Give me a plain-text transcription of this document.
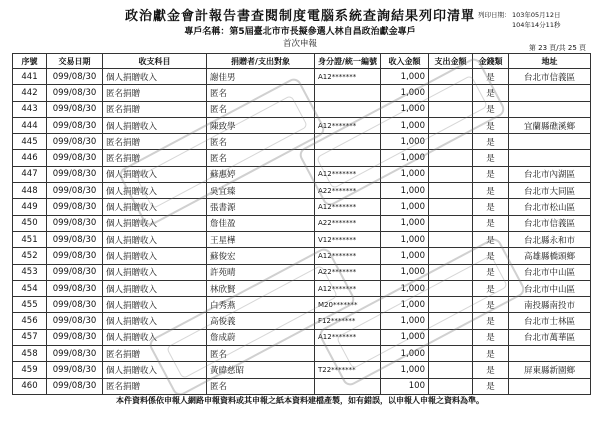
政治獻金會計報告書查閱制度電腦系統查詢結果列印清單
專戶名稱：第5屆臺北市市長擬參選人林自昌政治獻金專戶
首次申報
列印日期： 103年05月12日
104年14分11秒
第 23 頁/共 25 頁
序號	交易日期	收支科目	捐贈者/支出對象	身分證/統一編號	收入金額	支出金額	金錢類	地址
441	099/08/30	個人捐贈收入	謝佳男	A12*******	1,000		是	台北市信義區
442	099/08/30	匿名捐贈	匿名		1,000		是	
443	099/08/30	匿名捐贈	匿名		1,000		是	
444	099/08/30	個人捐贈收入	陳致學	A12*******	1,000		是	宜蘭縣礁溪鄉
445	099/08/30	匿名捐贈	匿名		1,000		是	
446	099/08/30	匿名捐贈	匿名		1,000		是	
447	099/08/30	個人捐贈收入	蘇惠婷	A12*******	1,000		是	台北市內湖區
448	099/08/30	個人捐贈收入	吳宜臻	A22*******	1,000		是	台北市大同區
449	099/08/30	個人捐贈收入	張書源	A12*******	1,000		是	台北市松山區
450	099/08/30	個人捐贈收入	詹佳盈	A22*******	1,000		是	台北市信義區
451	099/08/30	個人捐贈收入	王星樺	V12*******	1,000		是	台北縣永和市
452	099/08/30	個人捐贈收入	蘇俊宏	A12*******	1,000		是	高雄縣橋頭鄉
453	099/08/30	個人捐贈收入	許苑晴	A22*******	1,000		是	台北市中山區
454	099/08/30	個人捐贈收入	林欣賢	A12*******	1,000		是	台北市中山區
455	099/08/30	個人捐贈收入	白秀燕	M20*******	1,000		是	南投縣南投市
456	099/08/30	個人捐贈收入	高俊義	F12*******	1,000		是	台北市士林區
457	099/08/30	個人捐贈收入	詹成蔚	A12*******	1,000		是	台北市萬華區
458	099/08/30	匿名捐贈	匿名		1,000		是	
459	099/08/30	個人捐贈收入	黃暐慈昭	T22*******	1,000		是	屏東縣新園鄉
460	099/08/30	匿名捐贈	匿名		100		是	
本件資料係依申報人網路申報資料或其申報之紙本資料建檔產製，如有錯誤，以申報人申報之資料為準。
